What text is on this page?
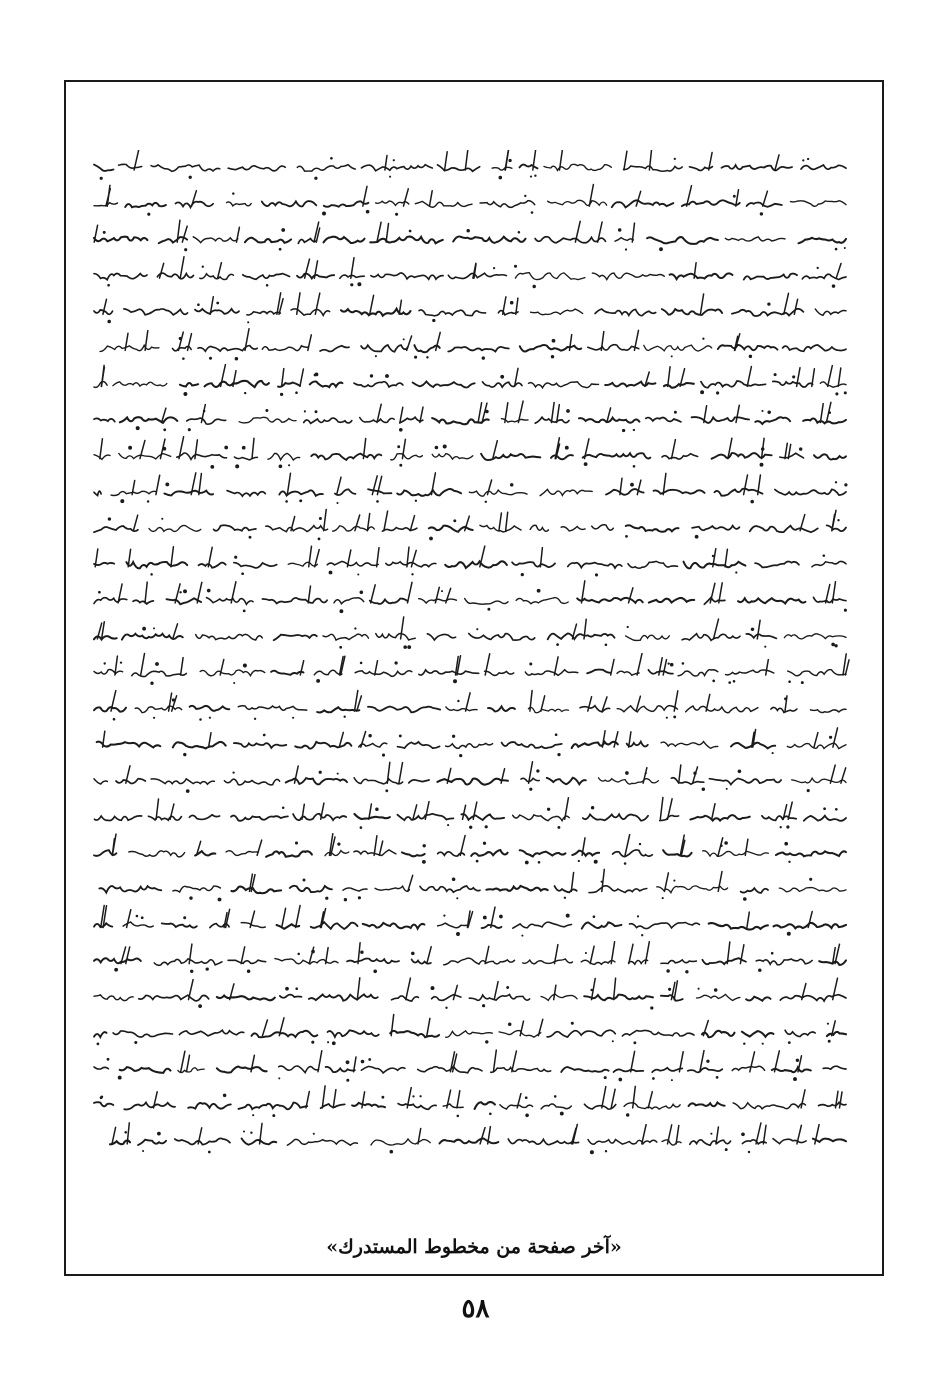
«آخر صفحة من مخطوط المستدرك»
٥٨
